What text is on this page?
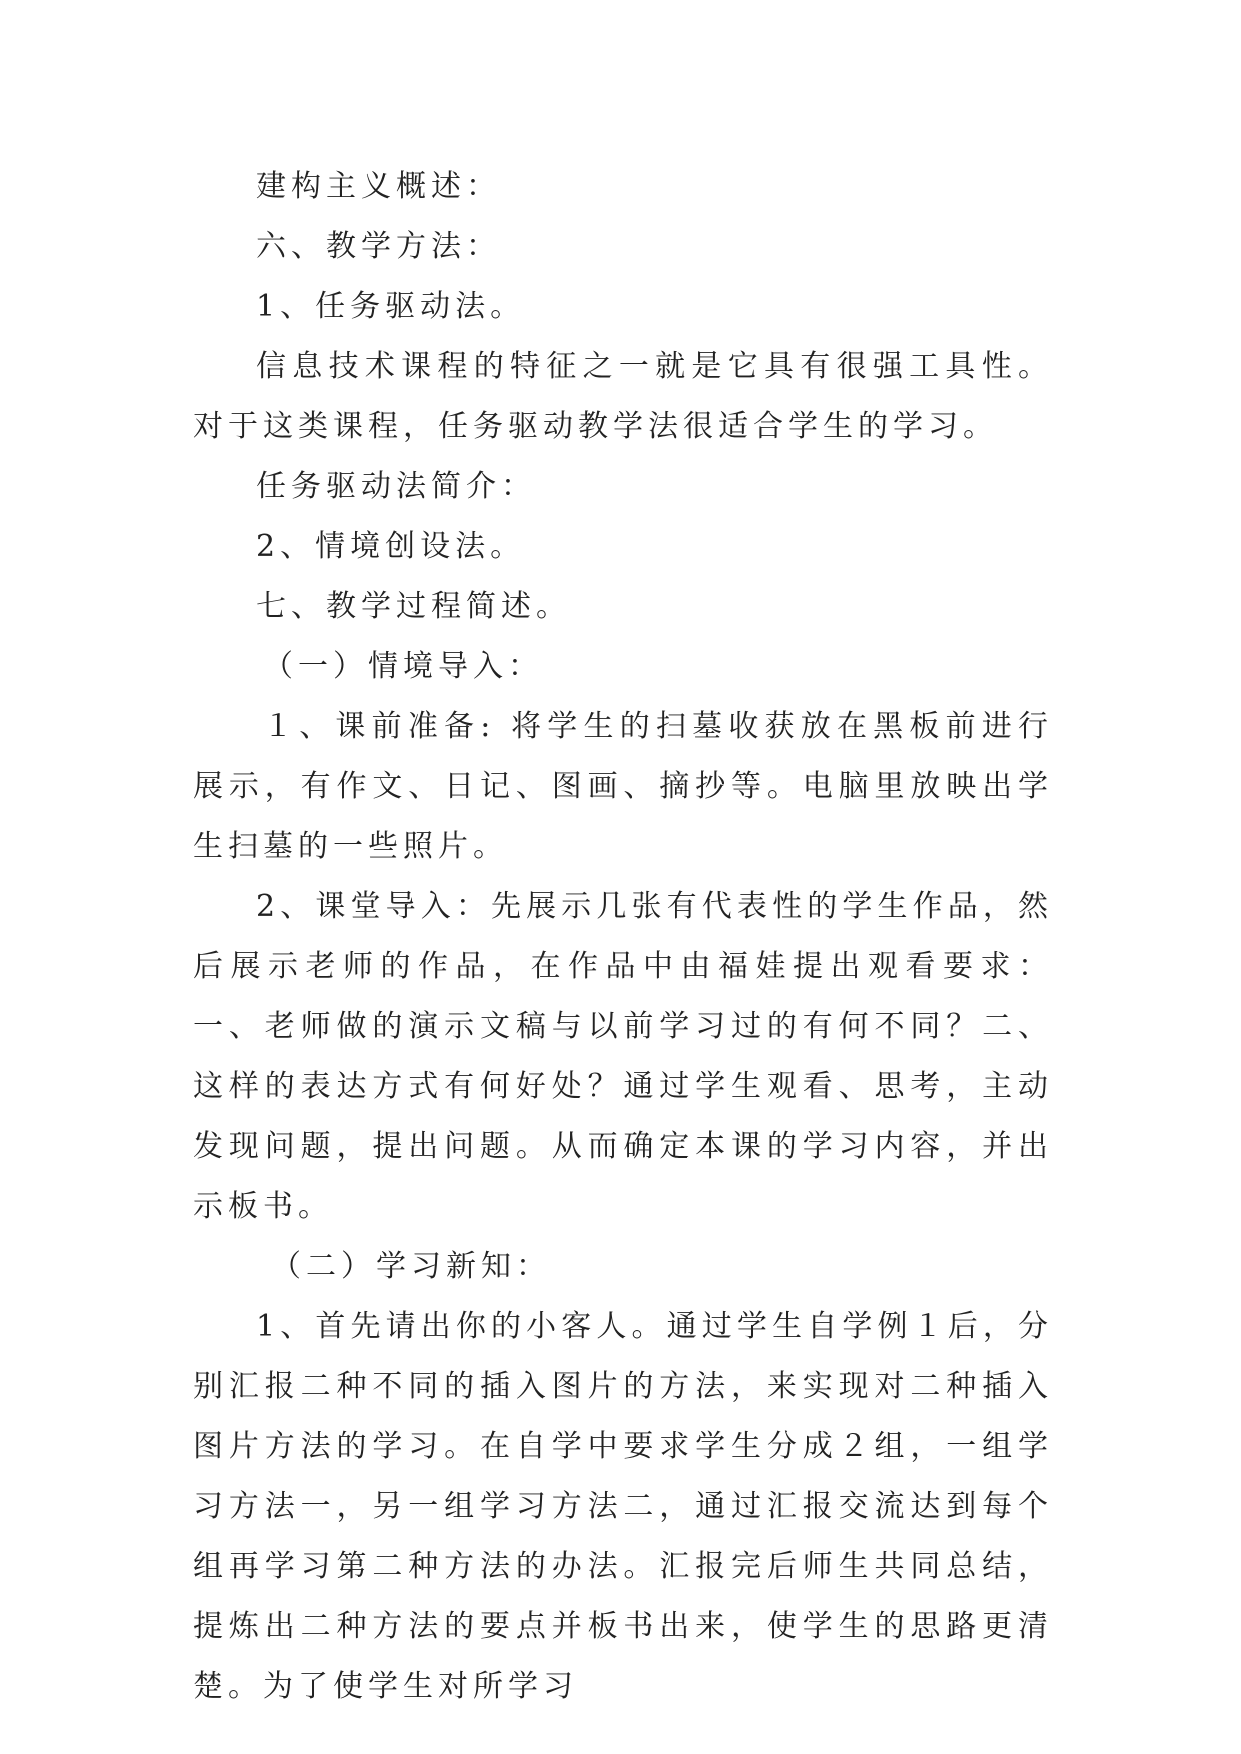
建构主义概述：

六、教学方法：

1、任务驱动法。

信息技术课程的特征之一就是它具有很强工具性。对于这类课程，任务驱动教学法很适合学生的学习。

任务驱动法简介：

2、情境创设法。

七、教学过程简述。

（一）情境导入：

１、课前准备: 将学生的扫墓收获放在黑板前进行展示，有作文、日记、图画、摘抄等。电脑里放映出学生扫墓的一些照片。

2、课堂导入：先展示几张有代表性的学生作品，然后展示老师的作品，在作品中由福娃提出观看要求：一、老师做的演示文稿与以前学习过的有何不同？二、这样的表达方式有何好处？通过学生观看、思考，主动发现问题，提出问题。从而确定本课的学习内容，并出示板书。

（二）学习新知：

1、首先请出你的小客人。通过学生自学例１后，分别汇报二种不同的插入图片的方法，来实现对二种插入图片方法的学习。在自学中要求学生分成２组，一组学习方法一，另一组学习方法二，通过汇报交流达到每个组再学习第二种方法的办法。汇报完后师生共同总结，提炼出二种方法的要点并板书出来，使学生的思路更清楚。为了使学生对所学习
